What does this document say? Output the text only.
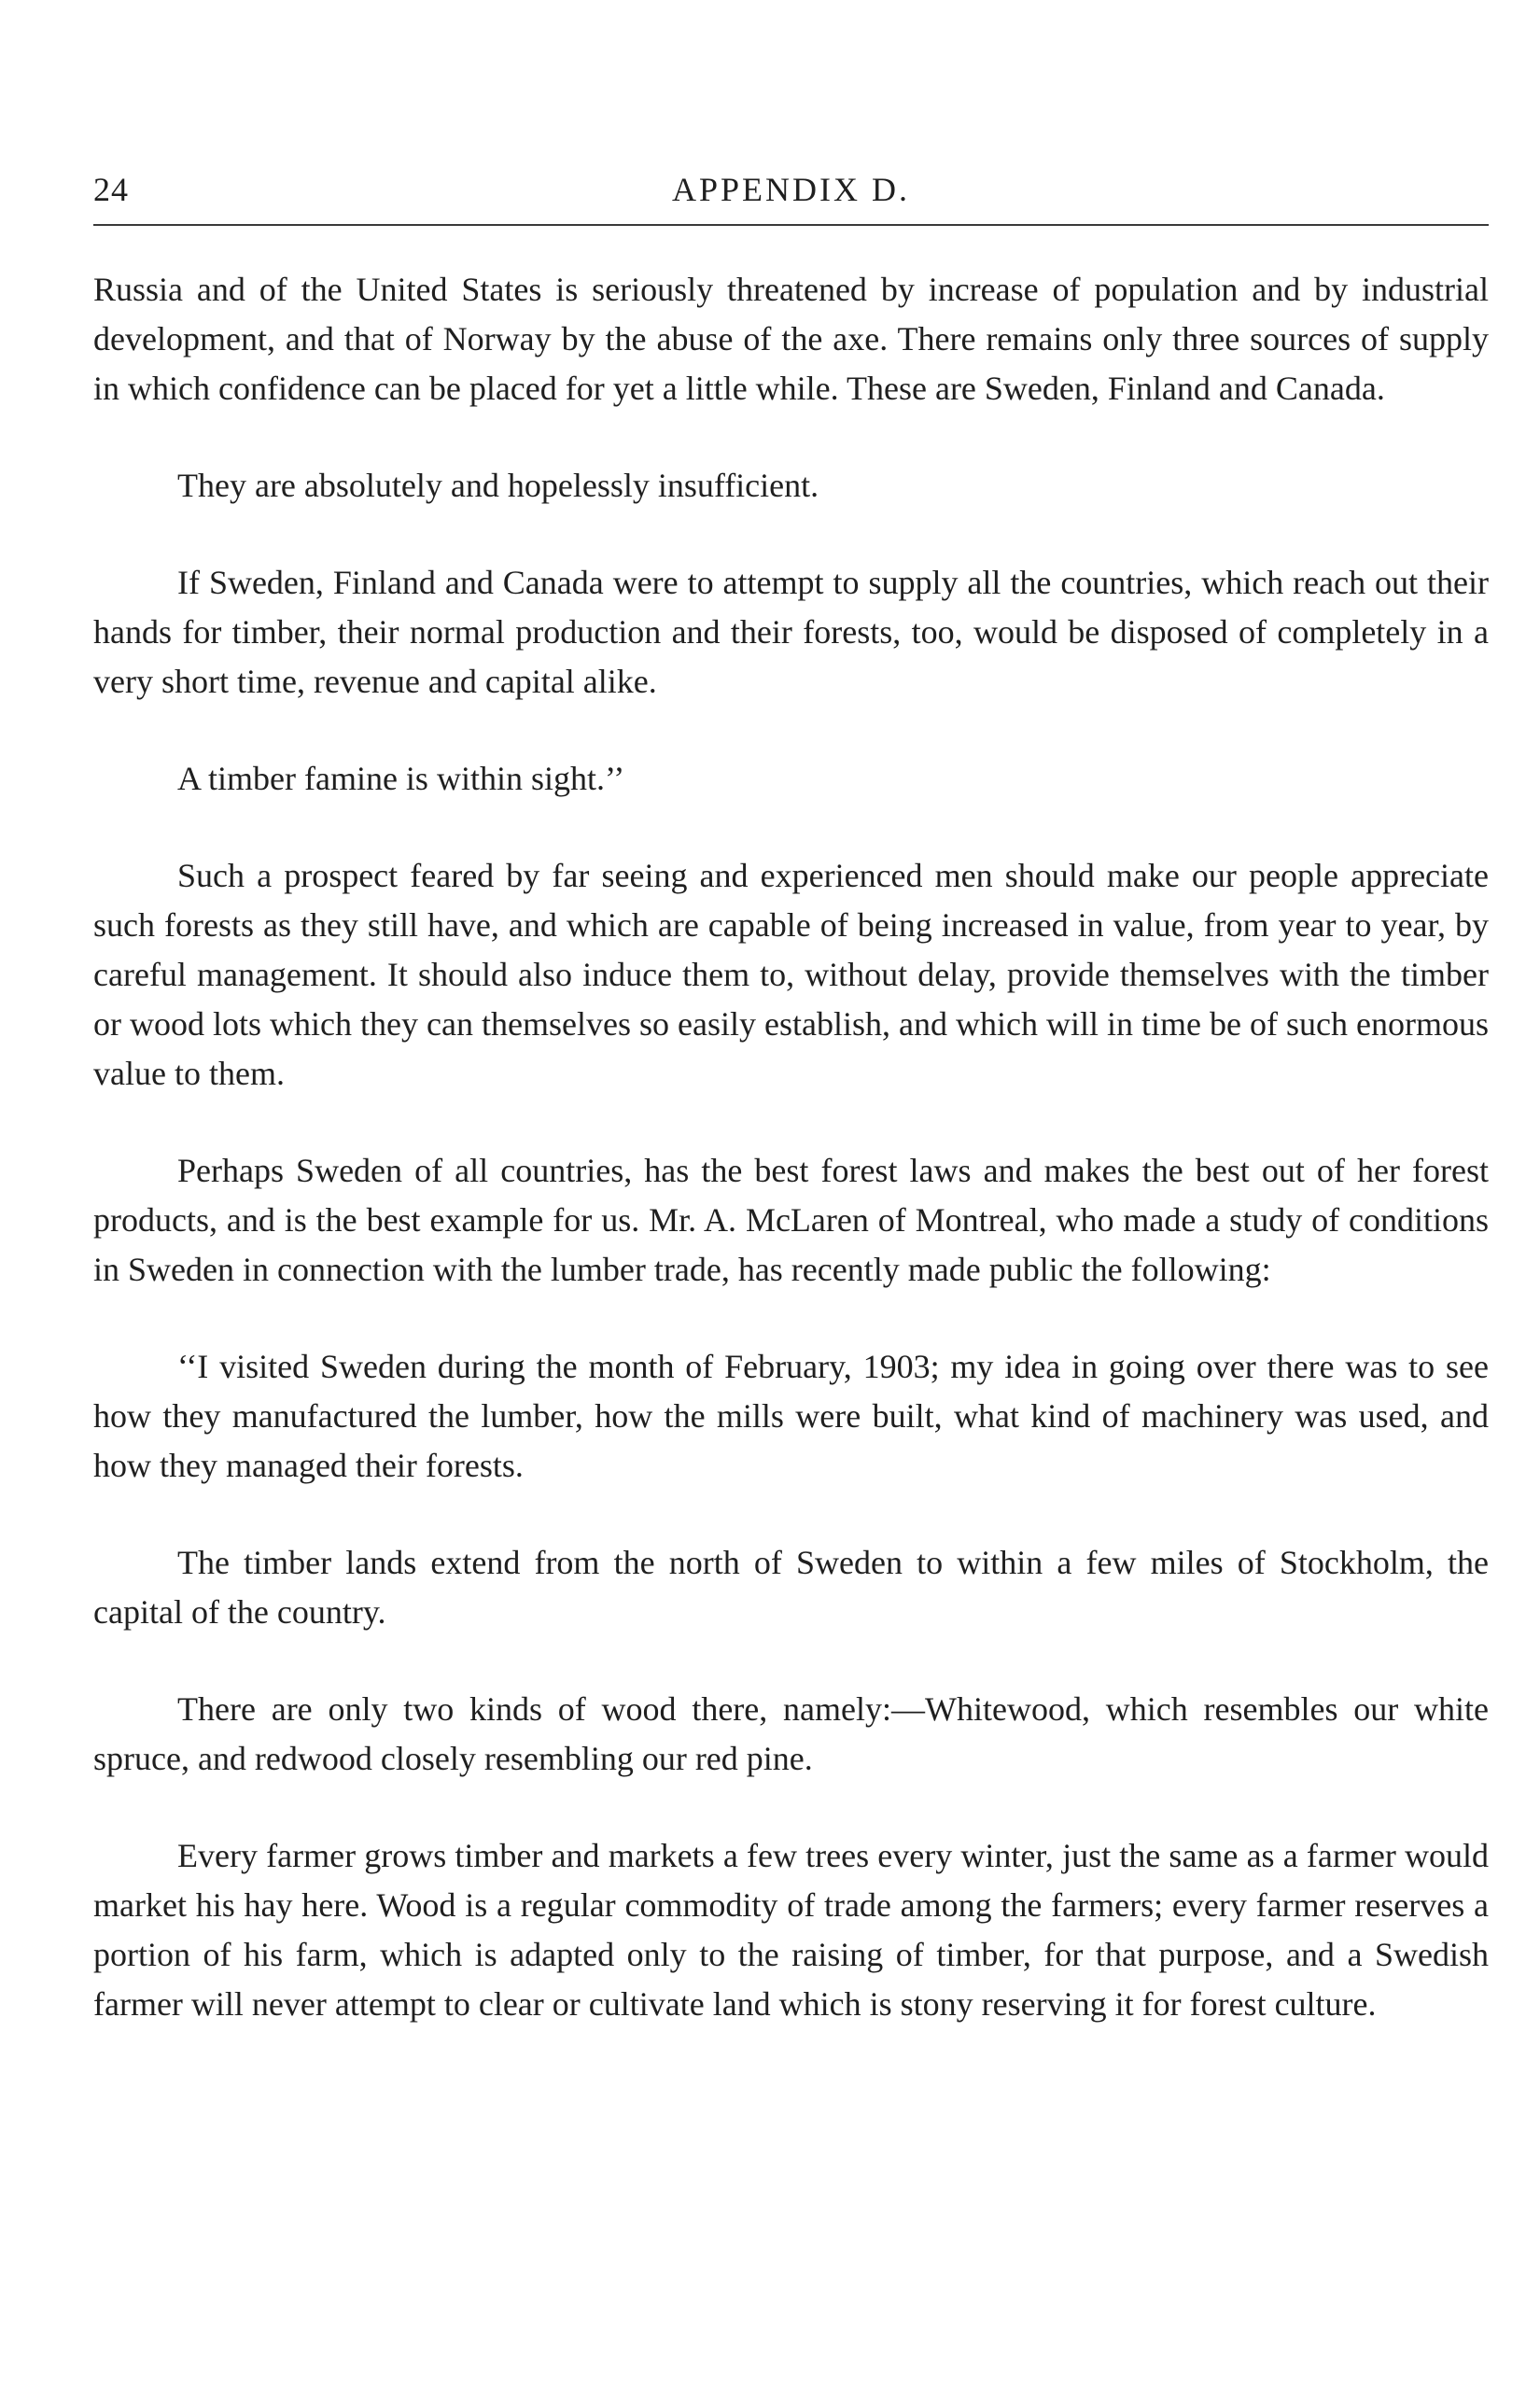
24	APPENDIX D.

Russia and of the United States is seriously threatened by increase of population and by industrial development, and that of Norway by the abuse of the axe. There remains only three sources of supply in which confidence can be placed for yet a little while. These are Sweden, Finland and Canada.

They are absolutely and hopelessly insufficient.

If Sweden, Finland and Canada were to attempt to supply all the countries, which reach out their hands for timber, their normal production and their forests, too, would be disposed of completely in a very short time, revenue and capital alike.

A timber famine is within sight.’’

Such a prospect feared by far seeing and experienced men should make our people appreciate such forests as they still have, and which are capable of being increased in value, from year to year, by careful management. It should also induce them to, without delay, provide themselves with the timber or wood lots which they can themselves so easily establish, and which will in time be of such enormous value to them.

Perhaps Sweden of all countries, has the best forest laws and makes the best out of her forest products, and is the best example for us. Mr. A. McLaren of Montreal, who made a study of conditions in Sweden in connection with the lumber trade, has recently made public the following:

‘‘I visited Sweden during the month of February, 1903; my idea in going over there was to see how they manufactured the lumber, how the mills were built, what kind of machinery was used, and how they managed their forests.

The timber lands extend from the north of Sweden to within a few miles of Stockholm, the capital of the country.

There are only two kinds of wood there, namely:—Whitewood, which resembles our white spruce, and redwood closely resembling our red pine.

Every farmer grows timber and markets a few trees every winter, just the same as a farmer would market his hay here. Wood is a regular commodity of trade among the farmers; every farmer reserves a portion of his farm, which is adapted only to the raising of timber, for that purpose, and a Swedish farmer will never attempt to clear or cultivate land which is stony reserving it for forest culture.
